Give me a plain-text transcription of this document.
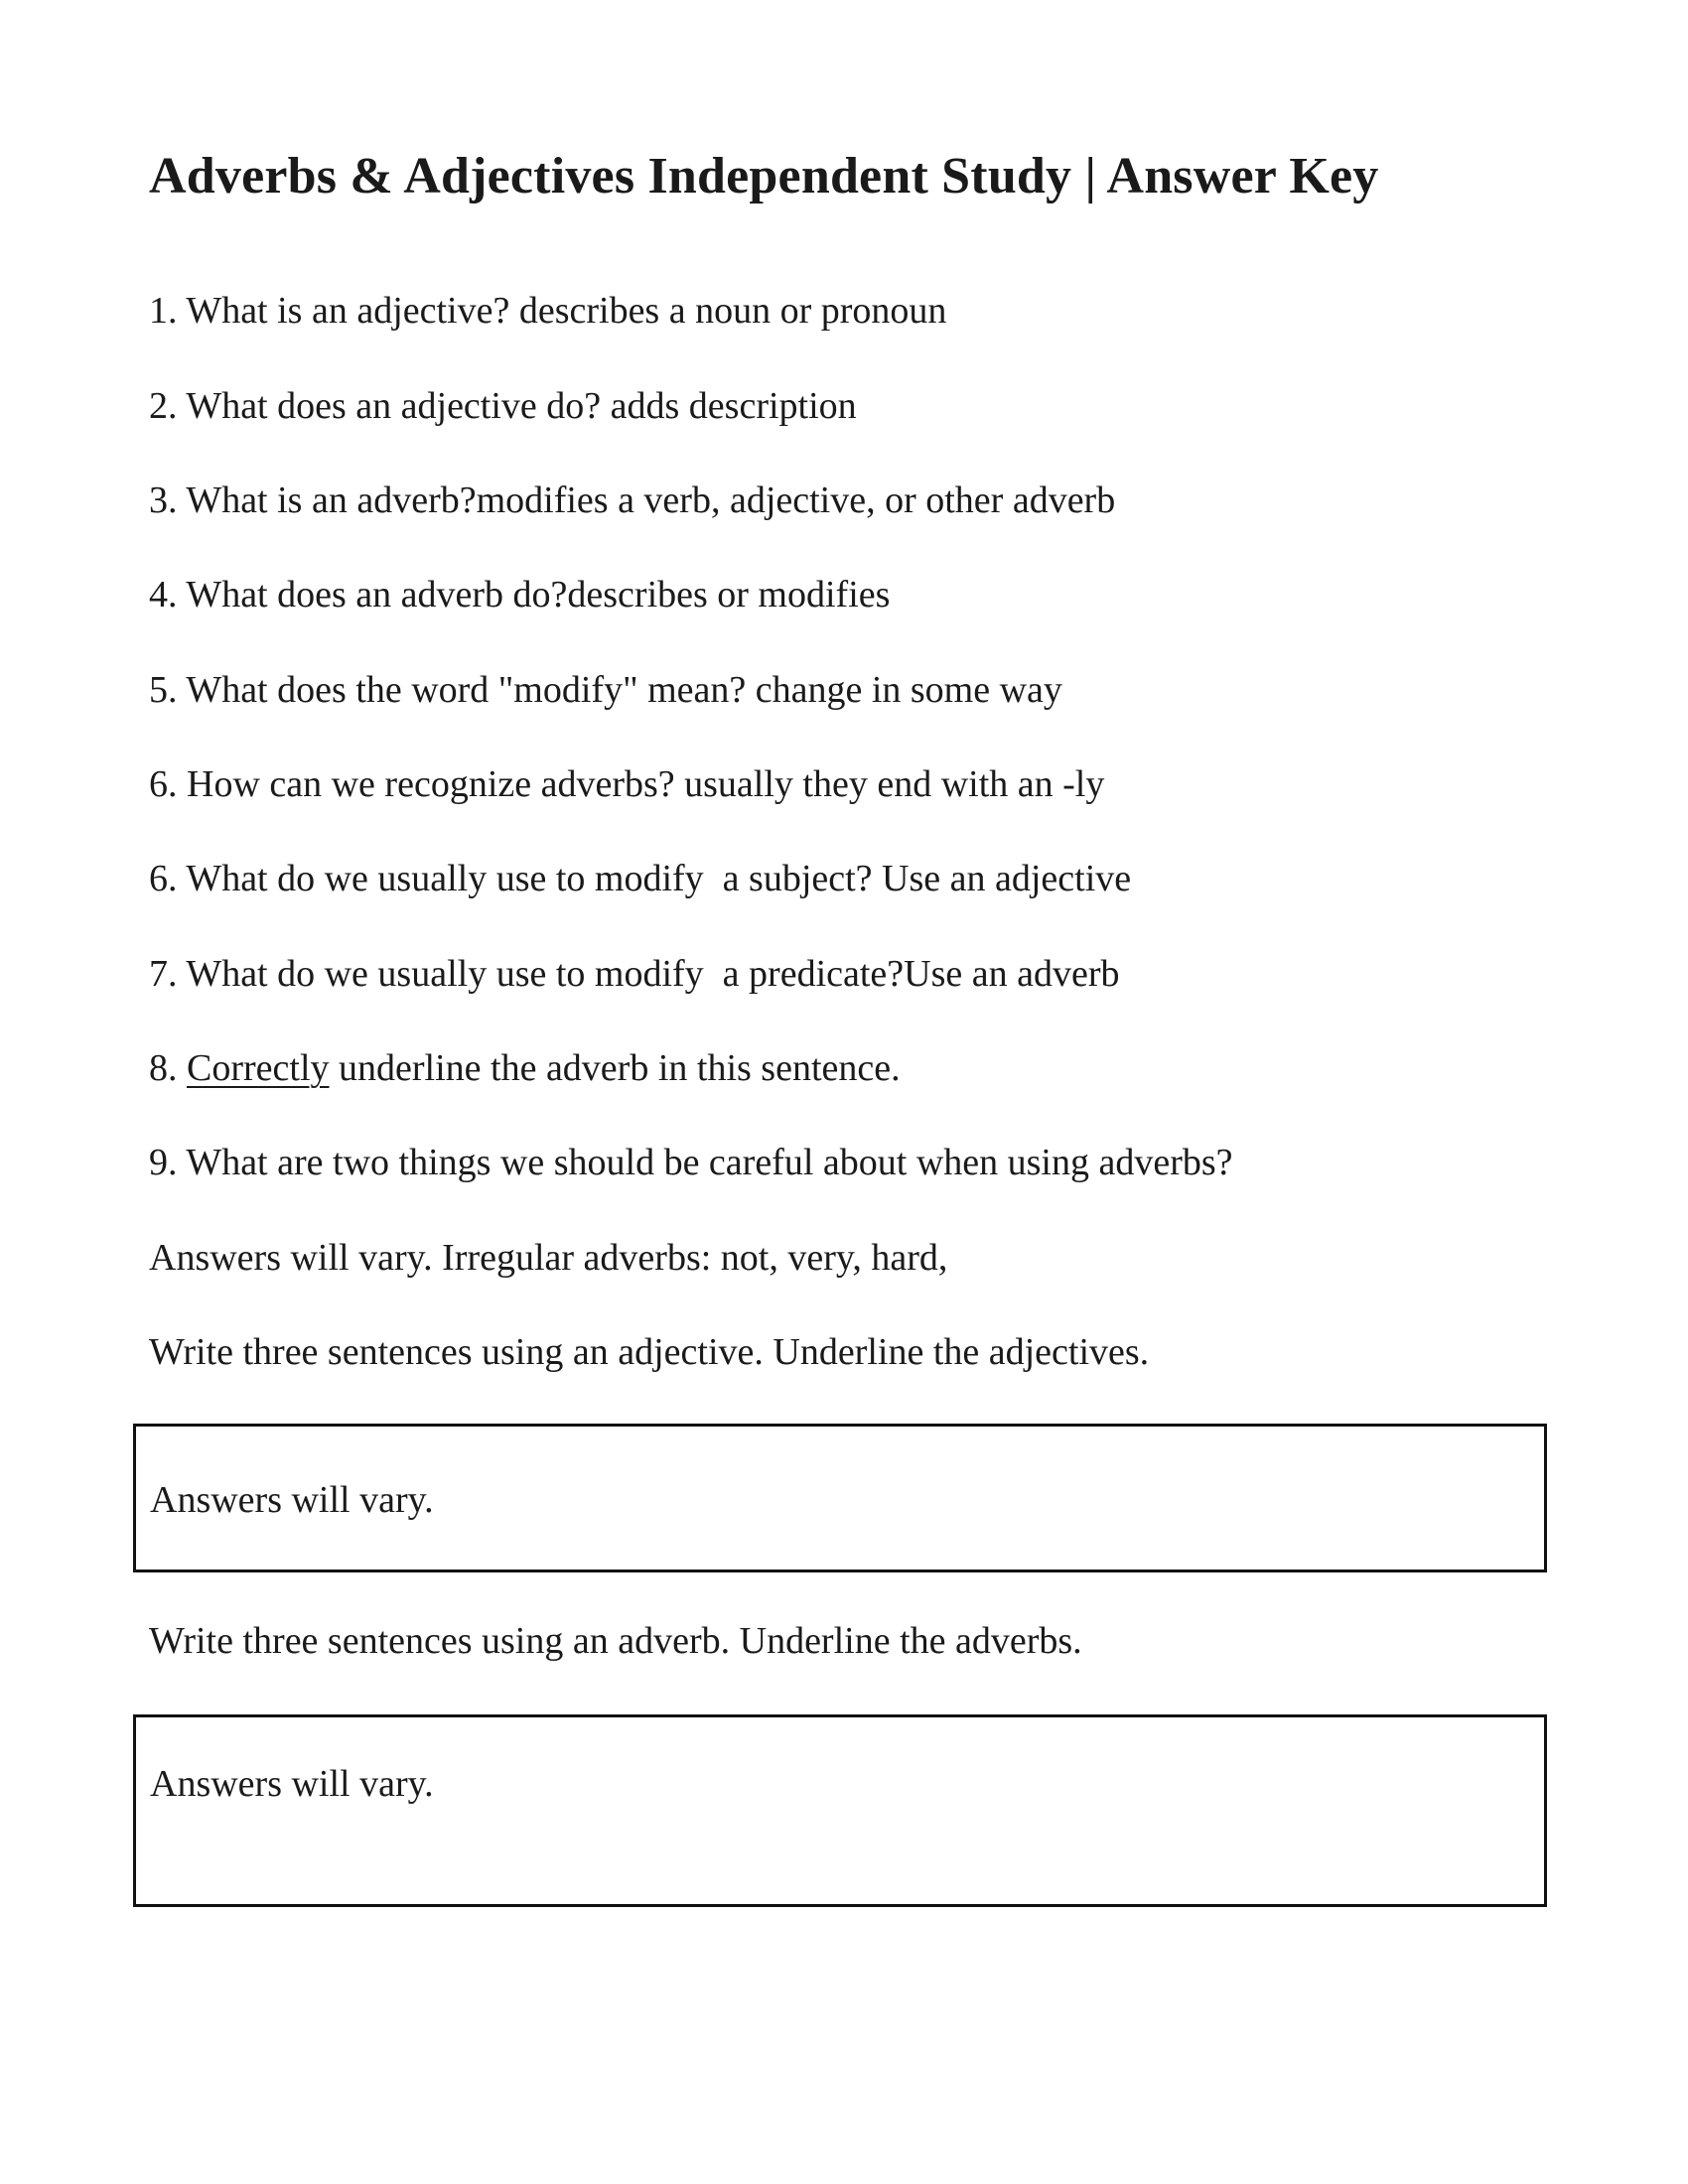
Adverbs & Adjectives Independent Study | Answer Key

1. What is an adjective? describes a noun or pronoun

2. What does an adjective do? adds description

3. What is an adverb?modifies a verb, adjective, or other adverb

4. What does an adverb do?describes or modifies

5. What does the word "modify" mean? change in some way

6. How can we recognize adverbs? usually they end with an -ly

6. What do we usually use to modify  a subject? Use an adjective

7. What do we usually use to modify  a predicate?Use an adverb

8. Correctly underline the adverb in this sentence.

9. What are two things we should be careful about when using adverbs?

Answers will vary. Irregular adverbs: not, very, hard,

Write three sentences using an adjective. Underline the adjectives.

Answers will vary.

Write three sentences using an adverb. Underline the adverbs.

Answers will vary.
